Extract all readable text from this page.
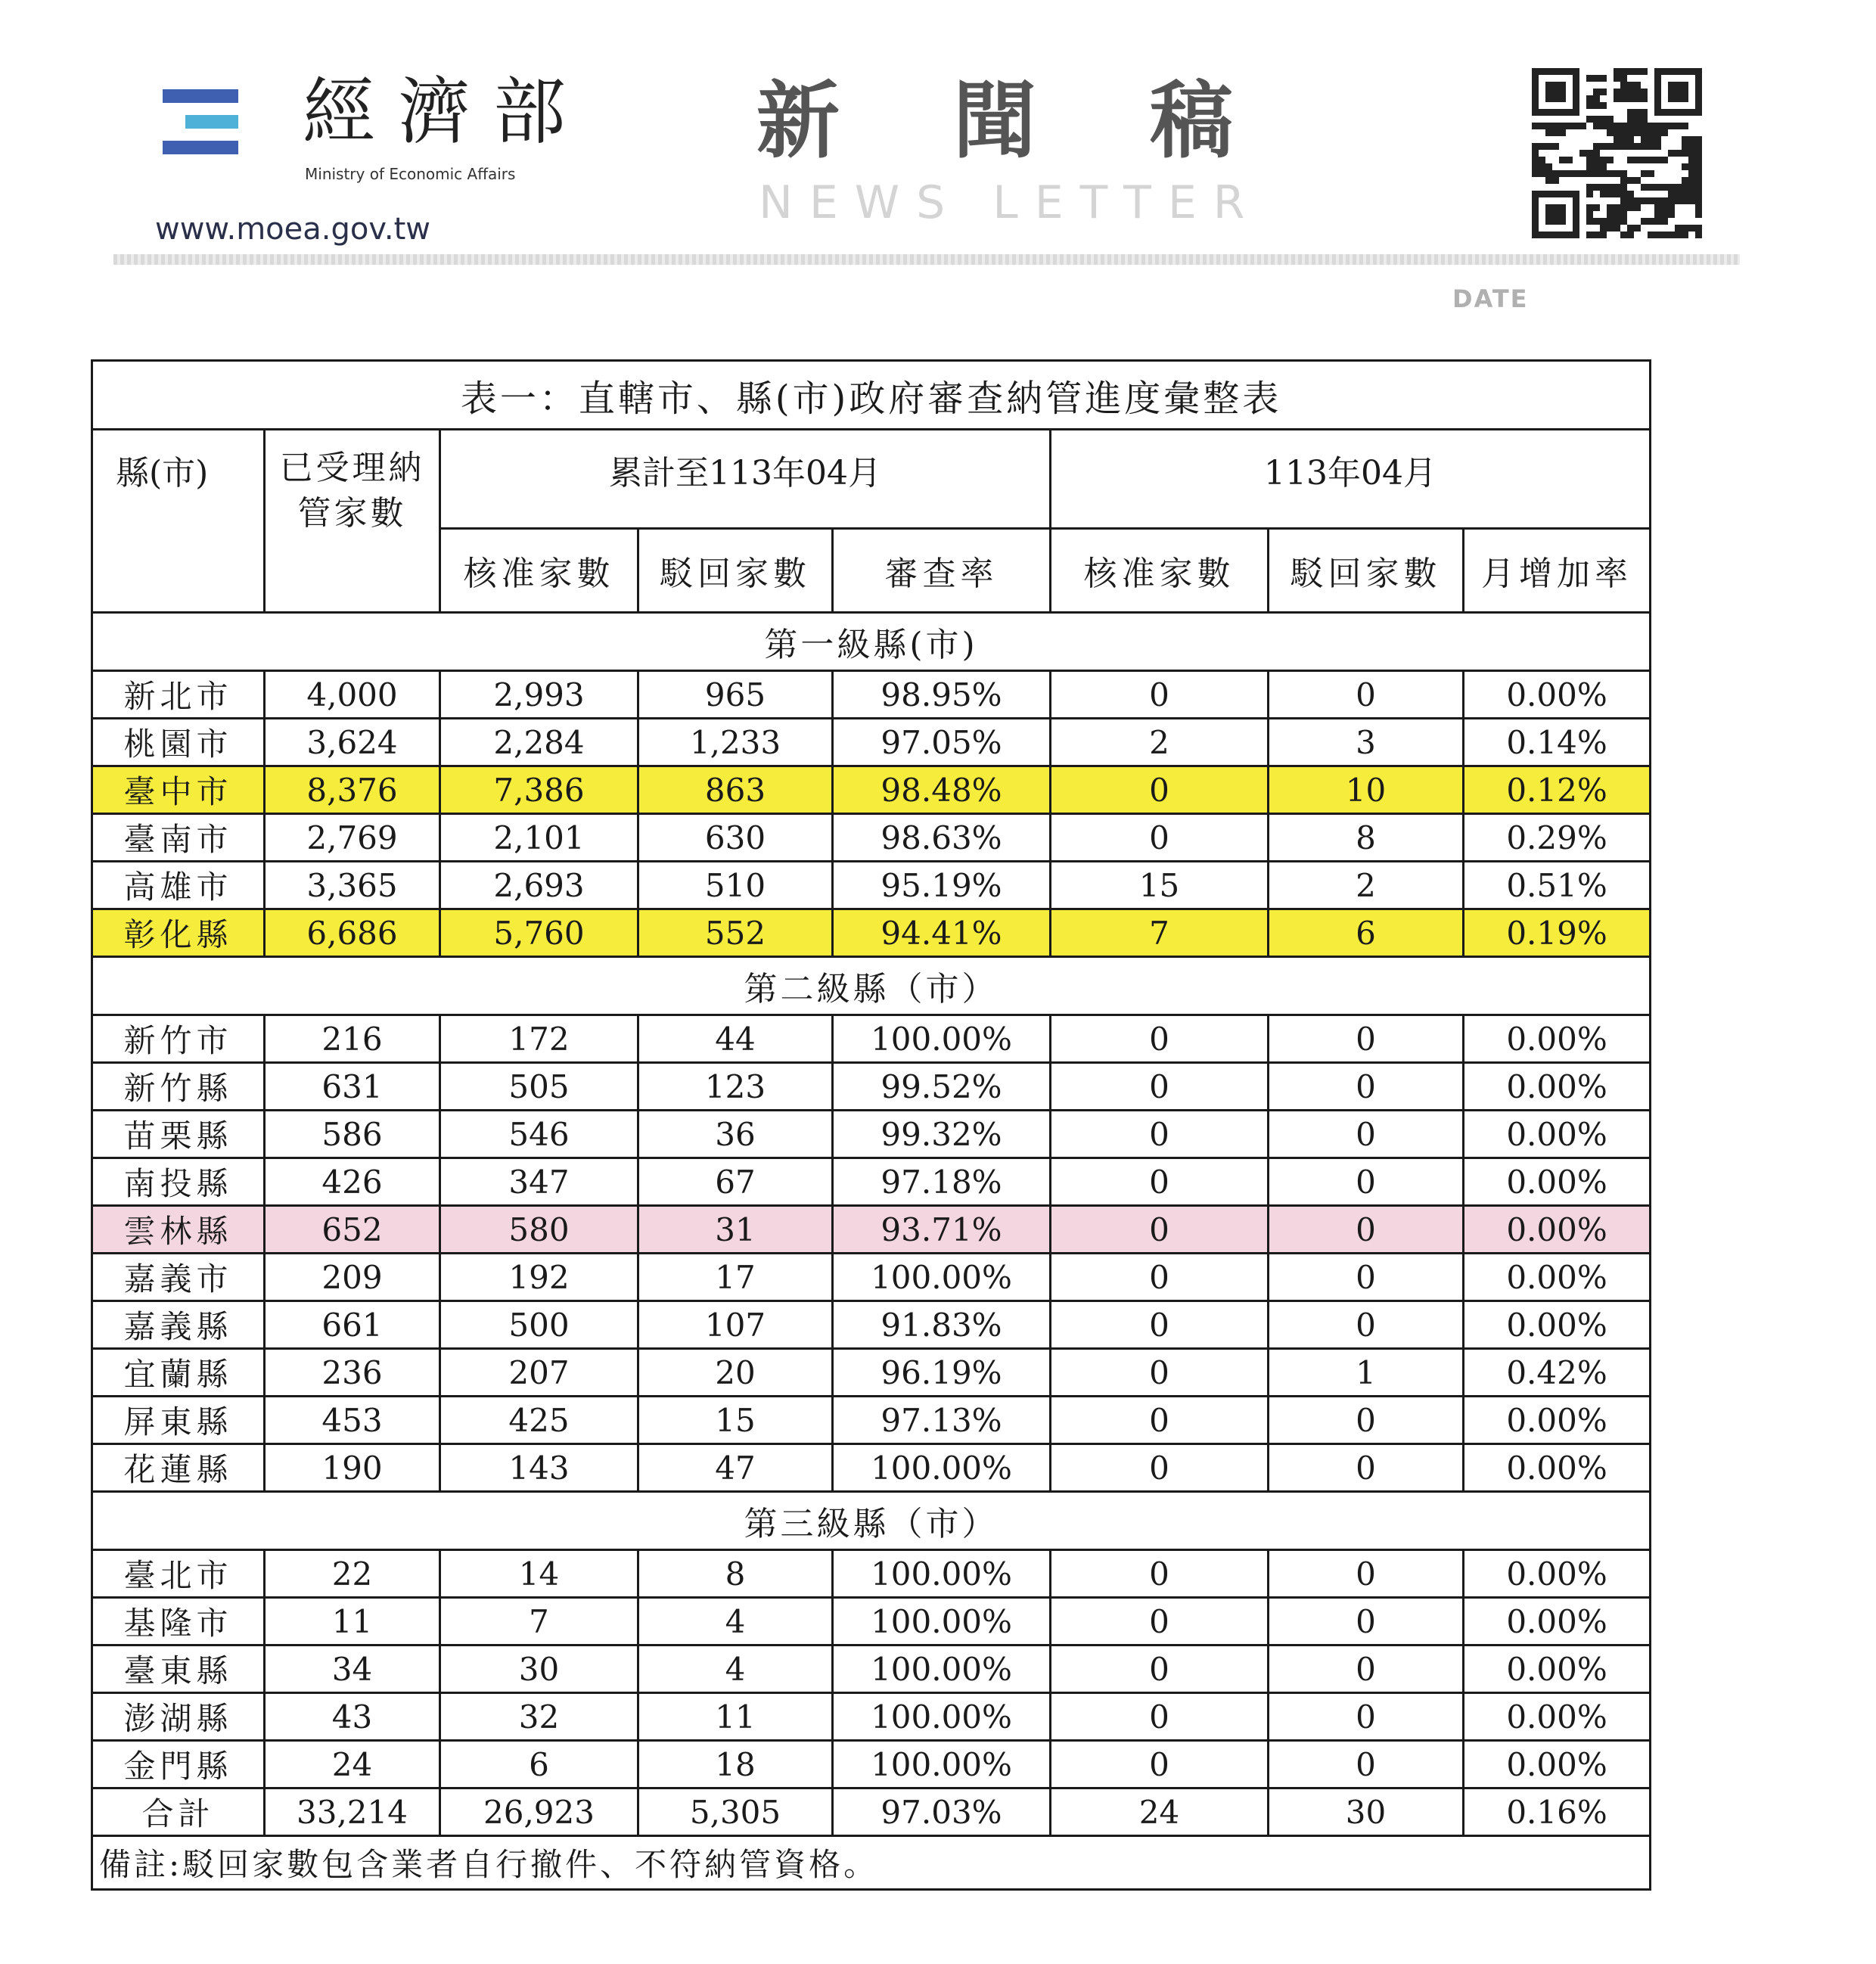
經濟部
Ministry of Economic Affairs
www.moea.gov.tw
新聞稿
NEWS LETTER
DATE
表一：直轄市、縣(市)政府審查納管進度彙整表							
縣(市)	已受理納管家數	累計至113年04月			113年04月		
		核准家數	駁回家數	審查率	核准家數	駁回家數	月增加率
第一級縣(市)							
新北市	4,000	2,993	965	98.95%	0	0	0.00%
桃園市	3,624	2,284	1,233	97.05%	2	3	0.14%
臺中市	8,376	7,386	863	98.48%	0	10	0.12%
臺南市	2,769	2,101	630	98.63%	0	8	0.29%
高雄市	3,365	2,693	510	95.19%	15	2	0.51%
彰化縣	6,686	5,760	552	94.41%	7	6	0.19%
第二級縣（市）							
新竹市	216	172	44	100.00%	0	0	0.00%
新竹縣	631	505	123	99.52%	0	0	0.00%
苗栗縣	586	546	36	99.32%	0	0	0.00%
南投縣	426	347	67	97.18%	0	0	0.00%
雲林縣	652	580	31	93.71%	0	0	0.00%
嘉義市	209	192	17	100.00%	0	0	0.00%
嘉義縣	661	500	107	91.83%	0	0	0.00%
宜蘭縣	236	207	20	96.19%	0	1	0.42%
屏東縣	453	425	15	97.13%	0	0	0.00%
花蓮縣	190	143	47	100.00%	0	0	0.00%
第三級縣（市）							
臺北市	22	14	8	100.00%	0	0	0.00%
基隆市	11	7	4	100.00%	0	0	0.00%
臺東縣	34	30	4	100.00%	0	0	0.00%
澎湖縣	43	32	11	100.00%	0	0	0.00%
金門縣	24	6	18	100.00%	0	0	0.00%
合計	33,214	26,923	5,305	97.03%	24	30	0.16%
備註:駁回家數包含業者自行撤件、不符納管資格。							
